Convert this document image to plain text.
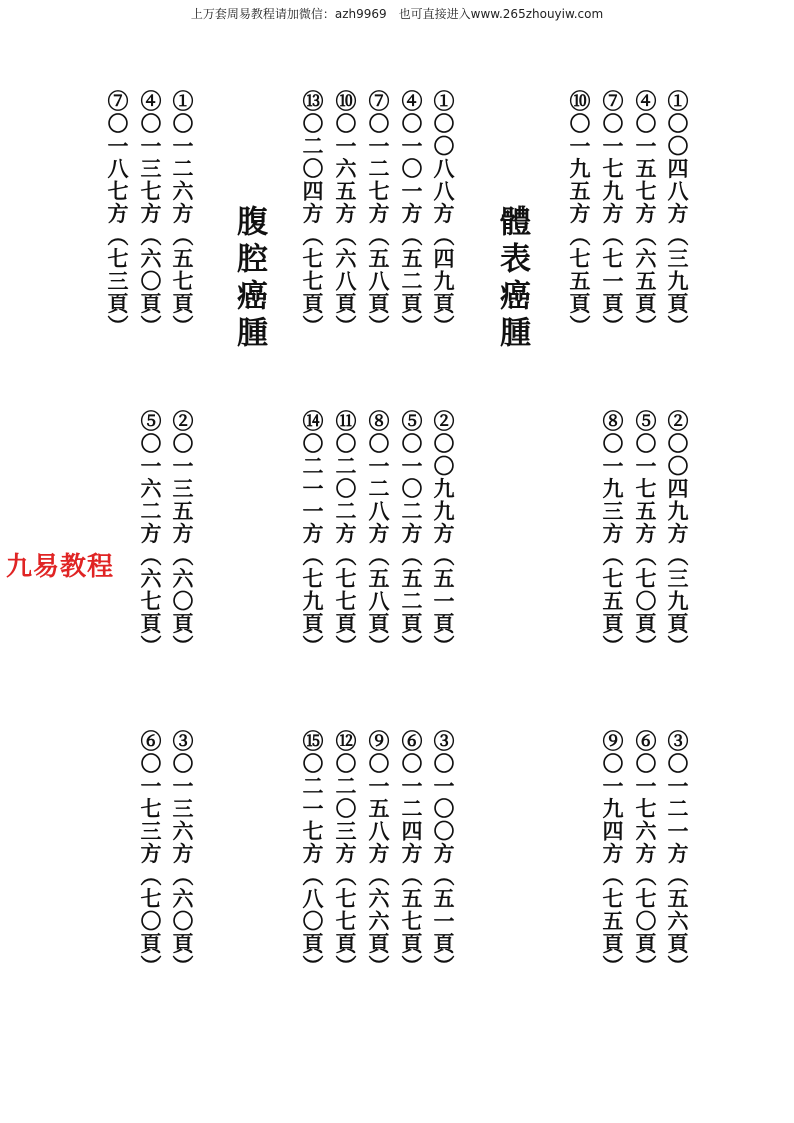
上万套周易教程请加微信：azh9969　也可直接进入www.265zhouyiw.com
九易教程
體表癌腫
腹腔癌腫	①〇〇四八方（三九頁）
④〇一五七方（六五頁）
⑦〇一七九方（七一頁）
⑩〇一九五方（七五頁）
②〇〇四九方（三九頁）
⑤〇一七五方（七〇頁）
⑧〇一九三方（七五頁）
③〇一二一方（五六頁）
⑥〇一七六方（七〇頁）
⑨〇一九四方（七五頁）
①〇〇八八方（四九頁）
④〇一〇一方（五二頁）
⑦〇一二七方（五八頁）
⑩〇一六五方（六八頁）
⑬〇二〇四方（七七頁）
②〇〇九九方（五一頁）
⑤〇一〇二方（五二頁）
⑧〇一二八方（五八頁）
⑪〇二〇二方（七七頁）
⑭〇二一一方（七九頁）
③〇一〇〇方（五一頁）
⑥〇一二四方（五七頁）
⑨〇一五八方（六六頁）
⑫〇二〇三方（七七頁）
⑮〇二一七方（八〇頁）
①〇一二六方（五七頁）
④〇一三七方（六〇頁）
⑦〇一八七方（七三頁）
②〇一三五方（六〇頁）
⑤〇一六二方（六七頁）
③〇一三六方（六〇頁）
⑥〇一七三方（七〇頁）
